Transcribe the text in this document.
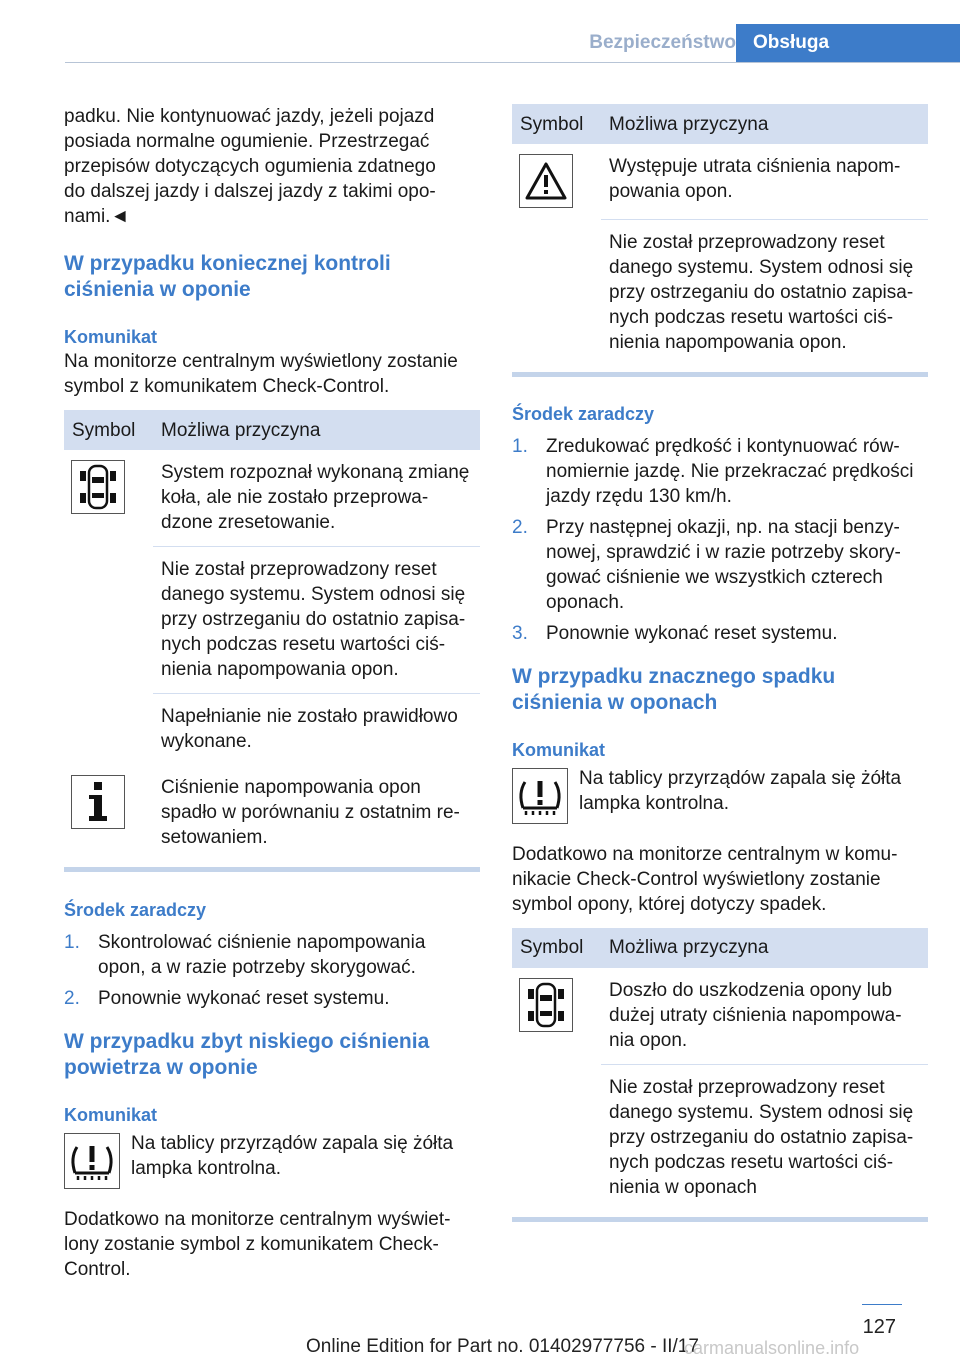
Bezpieczeństwo Obsługa

padku. Nie kontynuować jazdy, jeżeli pojazd
posiada normalne ogumienie. Przestrzegać
przepisów dotyczących ogumienia zdatnego
do dalszej jazdy i dalszej jazdy z takimi opo-
nami.◄

W przypadku koniecznej kontroli
ciśnienia w oponie
Komunikat

Na monitorze centralnym wyświetlony zostanie
symbol z komunikatem Check-Control.

Symbol	Możliwa przyczyna

	System rozpoznał wykonaną zmianę
koła, ale nie zostało przeprowa-
dzone zresetowanie.
	Nie został przeprowadzony reset
danego systemu. System odnosi się
przy ostrzeganiu do ostatnio zapisa-
nych podczas resetu wartości ciś-
nienia napompowania opon.
	Napełnianie nie zostało prawidłowo
wykonane.

	Ciśnienie napompowania opon
spadło w porównaniu z ostatnim re-
setowaniem.
Środek zaradczy
1. Skontrolować ciśnienie napompowania
opon, a w razie potrzeby skorygować.
2. Ponownie wykonać reset systemu.
W przypadku zbyt niskiego ciśnienia
powietrza w oponie
Komunikat

Na tablicy przyrządów zapala się żółta
lampka kontrolna.

Dodatkowo na monitorze centralnym wyświet-
lony zostanie symbol z komunikatem Check-
Control.

Symbol	Możliwa przyczyna

	Występuje utrata ciśnienia napom-
powania opon.
	Nie został przeprowadzony reset
danego systemu. System odnosi się
przy ostrzeganiu do ostatnio zapisa-
nych podczas resetu wartości ciś-
nienia napompowania opon.
Środek zaradczy
1. Zredukować prędkość i kontynuować rów-
nomiernie jazdę. Nie przekraczać prędkości
jazdy rzędu 130 km/h.
2. Przy następnej okazji, np. na stacji benzy-
nowej, sprawdzić i w razie potrzeby skory-
gować ciśnienie we wszystkich czterech
oponach.
3. Ponownie wykonać reset systemu.
W przypadku znacznego spadku
ciśnienia w oponach
Komunikat

Na tablicy przyrządów zapala się żółta
lampka kontrolna.

Dodatkowo na monitorze centralnym w komu-
nikacie Check-Control wyświetlony zostanie
symbol opony, której dotyczy spadek.

Symbol	Możliwa przyczyna

	Doszło do uszkodzenia opony lub
dużej utraty ciśnienia napompowa-
nia opon.
	Nie został przeprowadzony reset
danego systemu. System odnosi się
przy ostrzeganiu do ostatnio zapisa-
nych podczas resetu wartości ciś-
nienia w oponach
127
Online Edition for Part no. 01402977756 - II/17
carmanualsonline.info
